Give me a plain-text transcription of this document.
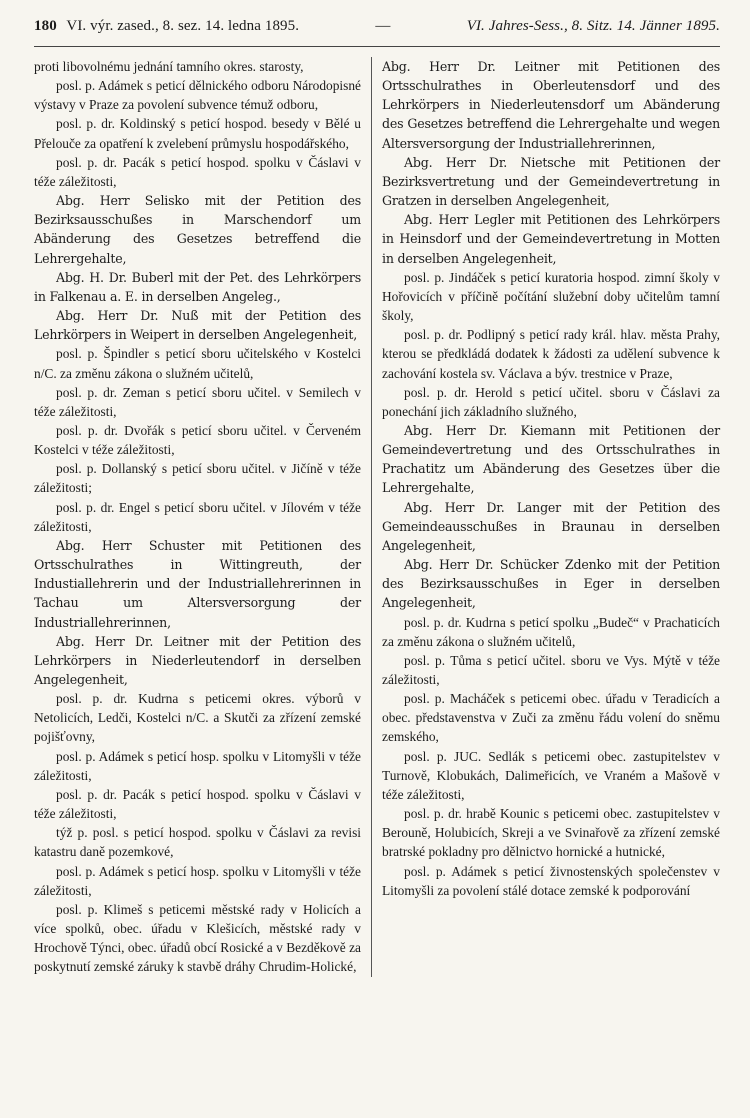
180 VI. výr. zased., 8. sez. 14. ledna 1895.	—	VI. Jahres-Sess., 8. Sitz. 14. Jänner 1895.

proti libovolnému jednání tamního okres. starosty,

posl. p. Adámek s peticí dělnického odboru Národopisné výstavy v Praze za povolení subvence témuž odboru,

posl. p. dr. Koldinský s peticí hospod. besedy v Bělé u Přelouče za opatření k zvelebení průmyslu hospodářského,

posl. p. dr. Pacák s peticí hospod. spolku v Čáslavi v téže záležitosti,

Abg. Herr Selisko mit der Petition des Bezirksausschußes in Marschendorf um Abänderung des Gesetzes betreffend die Lehrergehalte,

Abg. H. Dr. Buberl mit der Pet. des Lehrkörpers in Falkenau a. E. in derselben Angeleg.,

Abg. Herr Dr. Nuß mit der Petition des Lehrkörpers in Weipert in derselben Angelegenheit,

posl. p. Špindler s peticí sboru učitelského v Kostelci n/C. za změnu zákona o služném učitelů,

posl. p. dr. Zeman s peticí sboru učitel. v Semilech v téže záležitosti,

posl. p. dr. Dvořák s peticí sboru učitel. v Červeném Kostelci v téže záležitosti,

posl. p. Dollanský s peticí sboru učitel. v Jičíně v téže záležitosti;

posl. p. dr. Engel s peticí sboru učitel. v Jílovém v téže záležitosti,

Abg. Herr Schuster mit Petitionen des Ortsschulrathes in Wittingreuth, der Industiallehrerin und der Industriallehrerinnen in Tachau um Altersversorgung der Industriallehrerinnen,

Abg. Herr Dr. Leitner mit der Petition des Lehrkörpers in Niederleutendorf in derselben Angelegenheit,

posl. p. dr. Kudrna s peticemi okres. výborů v Netolicích, Ledči, Kostelci n/C. a Skutči za zřízení zemské pojišťovny,

posl. p. Adámek s peticí hosp. spolku v Litomyšli v téže záležitosti,

posl. p. dr. Pacák s peticí hospod. spolku v Čáslavi v téže záležitosti,

týž p. posl. s peticí hospod. spolku v Čáslavi za revisi katastru daně pozemkové,

posl. p. Adámek s peticí hosp. spolku v Litomyšli v téže záležitosti,

posl. p. Klimeš s peticemi městské rady v Holicích a více spolků, obec. úřadu v Klešicích, městské rady v Hrochově Týnci, obec. úřadů obcí Rosické a v Bezděkově za poskytnutí zemské záruky k stavbě dráhy Chrudim-Holické,

Abg. Herr Dr. Leitner mit Petitionen des Ortsschulrathes in Oberleutensdorf und des Lehrkörpers in Niederleutensdorf um Abänderung des Gesetzes betreffend die Lehrergehalte und wegen Altersversorgung der Industriallehrerinnen,

Abg. Herr Dr. Nietsche mit Petitionen der Bezirksvertretung und der Gemeindevertretung in Gratzen in derselben Angelegenheit,

Abg. Herr Legler mit Petitionen des Lehrkörpers in Heinsdorf und der Gemeindevertretung in Motten in derselben Angelegenheit,

posl. p. Jindáček s peticí kuratoria hospod. zimní školy v Hořovicích v příčině počítání služební doby učitelům tamní školy,

posl. p. dr. Podlipný s peticí rady král. hlav. města Prahy, kterou se předkládá dodatek k žádosti za udělení subvence k zachování kostela sv. Václava a býv. trestnice v Praze,

posl. p. dr. Herold s peticí učitel. sboru v Čáslavi za ponechání jich základního služného,

Abg. Herr Dr. Kiemann mit Petitionen der Gemeindevertretung und des Ortsschulrathes in Prachatitz um Abänderung des Gesetzes über die Lehrergehalte,

Abg. Herr Dr. Langer mit der Petition des Gemeindeausschußes in Braunau in derselben Angelegenheit,

Abg. Herr Dr. Schücker Zdenko mit der Petition des Bezirksausschußes in Eger in derselben Angelegenheit,

posl. p. dr. Kudrna s peticí spolku „Budeč“ v Prachaticích za změnu zákona o služném učitelů,

posl. p. Tůma s peticí učitel. sboru ve Vys. Mýtě v téže záležitosti,

posl. p. Macháček s peticemi obec. úřadu v Teradicích a obec. představenstva v Zuči za změnu řádu volení do sněmu zemského,

posl. p. JUC. Sedlák s peticemi obec. zastupitelstev v Turnově, Klobukách, Dalimeřicích, ve Vraném a Mašově v téže záležitosti,

posl. p. dr. hrabě Kounic s peticemi obec. zastupitelstev v Berouně, Holubicích, Skreji a ve Svinařově za zřízení zemské bratrské pokladny pro dělnictvo hornické a hutnické,

posl. p. Adámek s peticí živnostenských společenstev v Litomyšli za povolení stálé dotace zemské k podporování
